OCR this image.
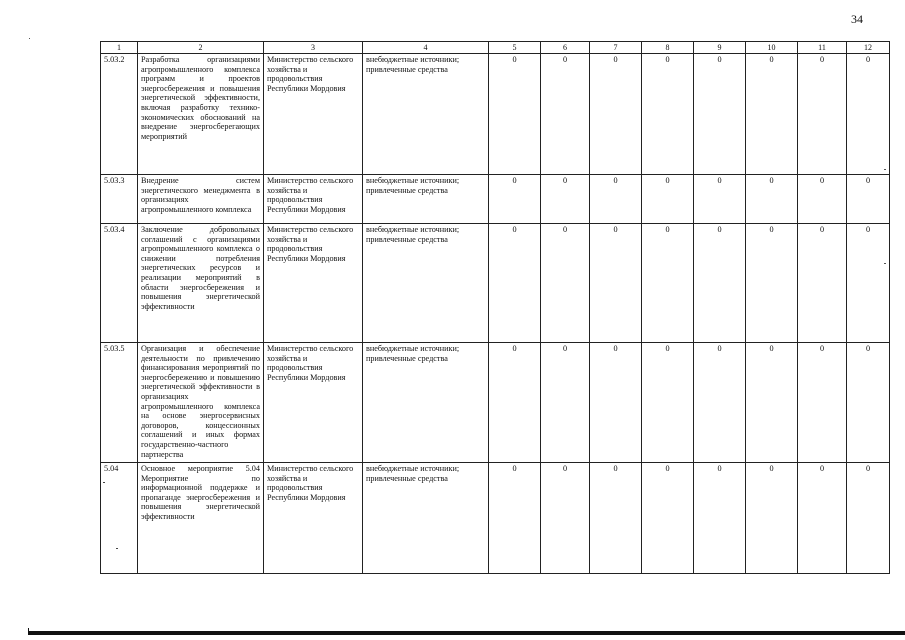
34
1	2	3	4	5	6	7	8	9	10	11	12
5.03.2	Разработка организациями агропромышленного комплекса программ и проектов энергосбережения и повышения энергетической эффективности, включая разработку технико-экономических обоснований на внедрение энергосберегающих мероприятий	Министерство сельского хозяйства и продовольствия Республики Мордовия	внебюджетные источники; привлеченные средства	0	0	0	0	0	0	0	0
5.03.3	Внедрение систем энергетического менеджмента в организациях агропромышленного комплекса	Министерство сельского хозяйства и продовольствия Республики Мордовия	внебюджетные источники; привлеченные средства	0	0	0	0	0	0	0	0
5.03.4	Заключение добровольных соглашений с организациями агропромышленного комплекса о снижении потребления энергетических ресурсов и реализации мероприятий в области энергосбережения и повышения энергетической эффективности	Министерство сельского хозяйства и продовольствия Республики Мордовия	внебюджетные источники; привлеченные средства	0	0	0	0	0	0	0	0
5.03.5	Организация и обеспечение деятельности по привлечению финансирования мероприятий по энергосбережению и повышению энергетической эффективности в организациях агропромышленного комплекса на основе энергосервисных договоров, концессионных соглашений и иных формах государственно-частного партнерства	Министерство сельского хозяйства и продовольствия Республики Мордовия	внебюджетные источники; привлеченные средства	0	0	0	0	0	0	0	0
5.04	Основное мероприятие 5.04 Мероприятие по информационной поддержке и пропаганде энергосбережения и повышения энергетической эффективности	Министерство сельского хозяйства и продовольствия Республики Мордовия	внебюджетные источники; привлеченные средства	0	0	0	0	0	0	0	0
